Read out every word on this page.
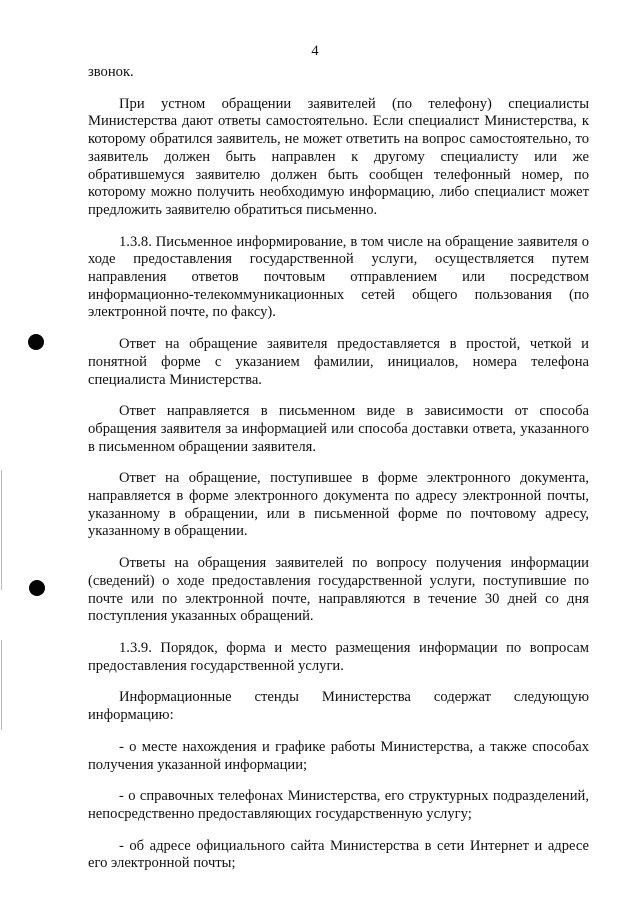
4

звонок.

При устном обращении заявителей (по телефону) специалисты Министерства дают ответы самостоятельно. Если специалист Министерства, к которому обратился заявитель, не может ответить на вопрос самостоятельно, то заявитель должен быть направлен к другому специалисту или же обратившемуся заявителю должен быть сообщен телефонный номер, по которому можно получить необходимую информацию, либо специалист может предложить заявителю обратиться письменно.

1.3.8. Письменное информирование, в том числе на обращение заявителя о ходе предоставления государственной услуги, осуществляется путем направления ответов почтовым отправлением или посредством информационно-телекоммуникационных сетей общего пользования (по электронной почте, по факсу).

Ответ на обращение заявителя предоставляется в простой, четкой и понятной форме с указанием фамилии, инициалов, номера телефона специалиста Министерства.

Ответ направляется в письменном виде в зависимости от способа обращения заявителя за информацией или способа доставки ответа, указанного в письменном обращении заявителя.

Ответ на обращение, поступившее в форме электронного документа, направляется в форме электронного документа по адресу электронной почты, указанному в обращении, или в письменной форме по почтовому адресу, указанному в обращении.

Ответы на обращения заявителей по вопросу получения информации (сведений) о ходе предоставления государственной услуги, поступившие по почте или по электронной почте, направляются в течение 30 дней со дня поступления указанных обращений.

1.3.9. Порядок, форма и место размещения информации по вопросам предоставления государственной услуги.

Информационные стенды Министерства содержат следующую информацию:

- о месте нахождения и графике работы Министерства, а также способах получения указанной информации;

- о справочных телефонах Министерства, его структурных подразделений, непосредственно предоставляющих государственную услугу;

- об адресе официального сайта Министерства в сети Интернет и адресе его электронной почты;
